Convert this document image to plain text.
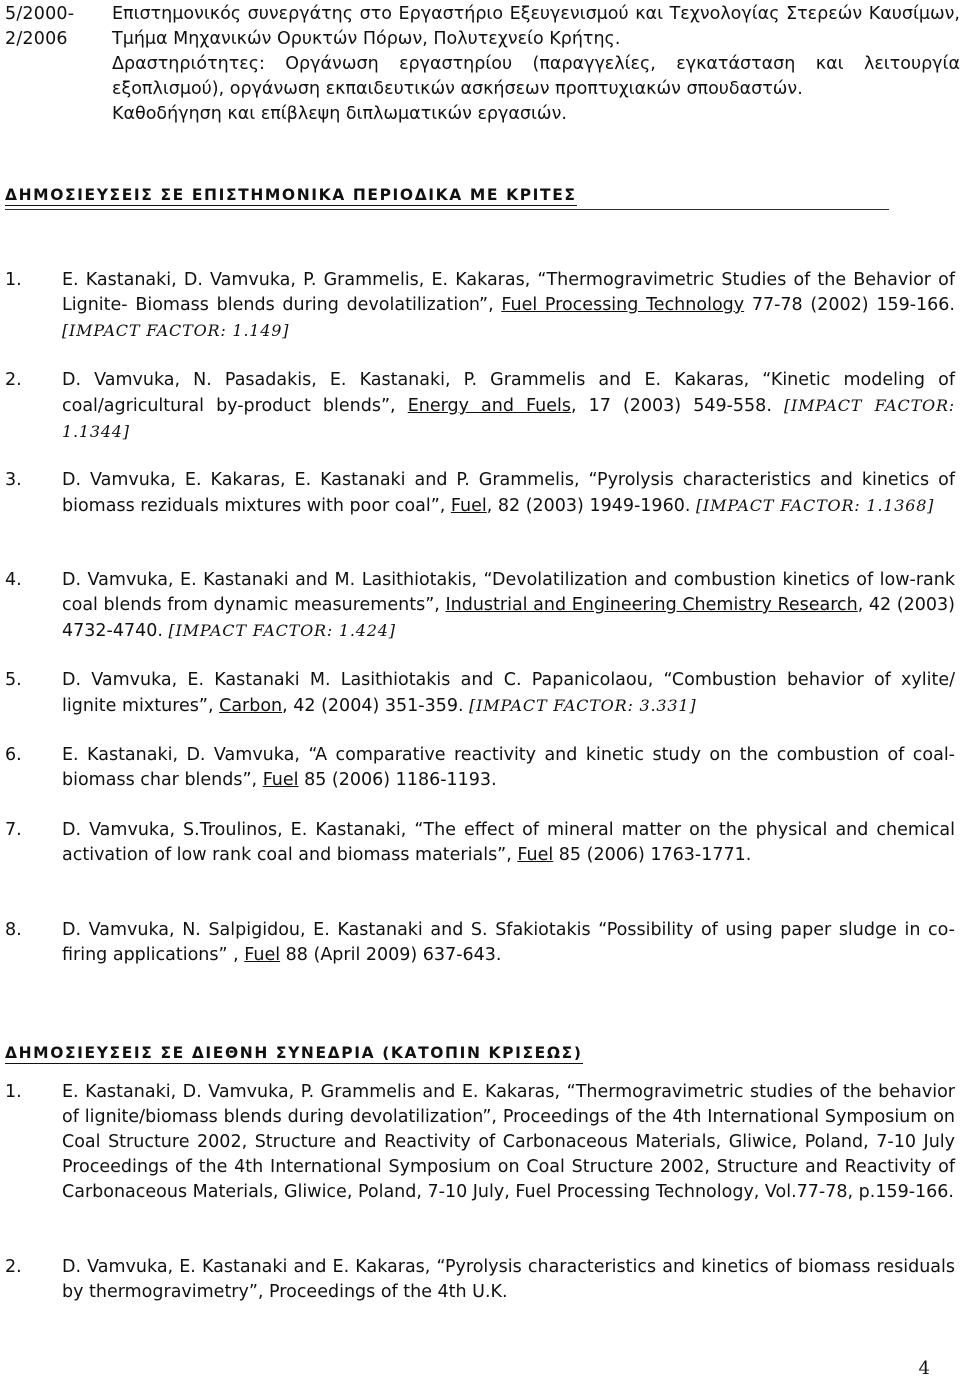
5/2000-
2/2006

Επιστημονικός συνεργάτης στο Εργαστήριο Εξευγενισμού και Τεχνολογίας Στερεών Καυσίμων, Τμήμα Μηχανικών Ορυκτών Πόρων, Πολυτεχνείο Κρήτης.

Δραστηριότητες: Οργάνωση εργαστηρίου (παραγγελίες, εγκατάσταση και λειτουργία εξοπλισμού), οργάνωση εκπαιδευτικών ασκήσεων προπτυχιακών σπουδαστών.

Καθοδήγηση και επίβλεψη διπλωματικών εργασιών.

ΔΗΜΟΣΙΕΥΣΕΙΣ ΣΕ ΕΠΙΣΤΗΜΟΝΙΚΑ ΠΕΡΙΟΔΙΚΑ ΜΕ ΚΡΙΤΕΣ
1.	E. Kastanaki, D. Vamvuka, P. Grammelis, E. Kakaras, “Thermogravimetric Studies of the Behavior of Lignite- Biomass blends during devolatilization”, Fuel Processing Technology 77-78 (2002) 159-166. [IMPACT FACTOR: 1.149]

2.	D. Vamvuka, N. Pasadakis, E. Kastanaki, P. Grammelis and E. Kakaras, “Kinetic modeling of coal/agricultural by-product blends”, Energy and Fuels, 17 (2003) 549-558. [IMPACT FACTOR: 1.1344]

3.	D. Vamvuka, E. Kakaras, E. Kastanaki and P. Grammelis, “Pyrolysis characteristics and kinetics of biomass reziduals mixtures with poor coal”, Fuel, 82 (2003) 1949-1960. [IMPACT FACTOR: 1.1368]

4.	D. Vamvuka, E. Kastanaki and M. Lasithiotakis, “Devolatilization and combustion kinetics of low-rank coal blends from dynamic measurements”, Industrial and Engineering Chemistry Research, 42 (2003) 4732-4740. [IMPACT FACTOR: 1.424]

5.	D. Vamvuka, E. Kastanaki M. Lasithiotakis and C. Papanicolaou, “Combustion behavior of xylite/ lignite mixtures”, Carbon, 42 (2004) 351-359. [IMPACT FACTOR: 3.331]

6.	E. Kastanaki, D. Vamvuka, “A comparative reactivity and kinetic study on the combustion of coal-biomass char blends”, Fuel 85 (2006) 1186-1193.

7.	D. Vamvuka, S.Troulinos, E. Kastanaki, “The effect of mineral matter on the physical and chemical activation of low rank coal and biomass materials”, Fuel 85 (2006) 1763-1771.

8.	D. Vamvuka, N. Salpigidou, E. Kastanaki and S. Sfakiotakis “Possibility of using paper sludge in co-firing applications” , Fuel 88 (April 2009) 637-643.

ΔΗΜΟΣΙΕΥΣΕΙΣ ΣΕ ΔΙΕΘΝΗ ΣΥΝΕΔΡΙΑ (ΚΑΤΟΠΙΝ ΚΡΙΣΕΩΣ)
1.	E. Kastanaki, D. Vamvuka, P. Grammelis and E. Kakaras, “Thermogravimetric studies of the behavior of lignite/biomass blends during devolatilization”, Proceedings of the 4th International Symposium on Coal Structure 2002, Structure and Reactivity of Carbonaceous Materials, Gliwice, Poland, 7-10 July Proceedings of the 4th International Symposium on Coal Structure 2002, Structure and Reactivity of Carbonaceous Materials, Gliwice, Poland, 7-10 July, Fuel Processing Technology, Vol.77-78, p.159-166.

2.	D. Vamvuka, E. Kastanaki and E. Kakaras, “Pyrolysis characteristics and kinetics of biomass residuals by thermogravimetry”, Proceedings of the 4th U.K.

4
